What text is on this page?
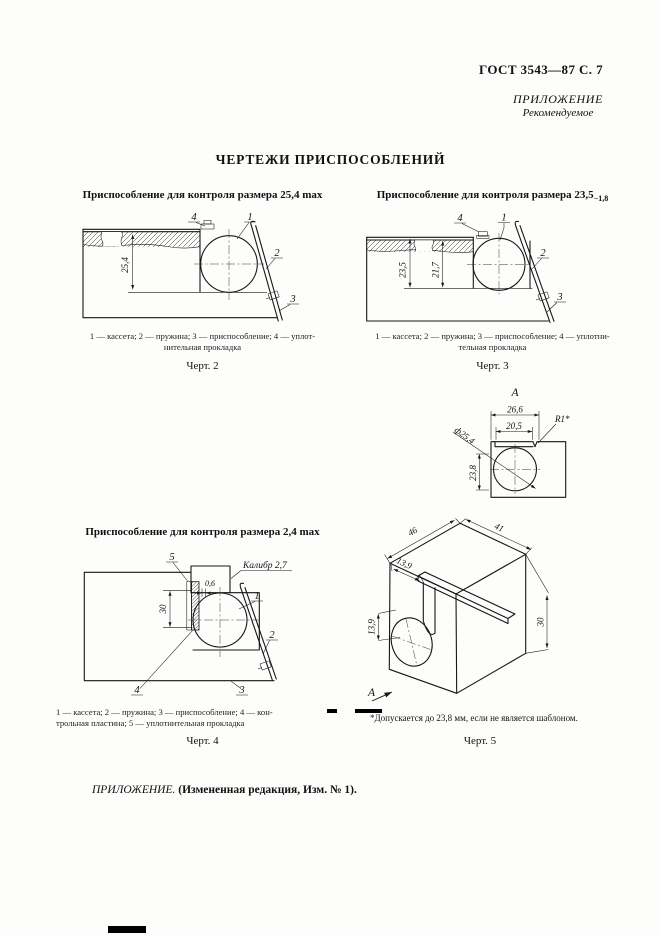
ГОСТ 3543—87 С. 7
ПРИЛОЖЕНИЕ
Рекомендуемое
ЧЕРТЕЖИ ПРИСПОСОБЛЕНИЙ
Приспособление для контроля размера 25,4 max	Приспособление для контроля размера $23,5_{-1,8}$
4	1
2
3
25,4
4	1
2
3
23,5	21,7
1 — кассета; 2 — пружина; 3 — приспособление; 4 — уплот-
нительная прокладка
Черт. 2
1 — кассета; 2 — пружина; 3 — приспособление; 4 — уплотни-
тельная прокладка
Черт. 3
A
26,6
20,5
R1*
ф25,4
23,8
Приспособление для контроля размера 2,4 max
Калибр 2,7
0,6
30
5
1
2
3
4
46	41
13,9
13,9	30
A
1 — кассета; 2 — пружина; 3 — приспособление; 4 — кон-
трольная пластина; 5 — уплотнительная прокладка
Черт. 4
*Допускается до 23,8 мм, если не является шаблоном.
Черт. 5
ПРИЛОЖЕНИЕ. (Измененная редакция, Изм. № 1).
